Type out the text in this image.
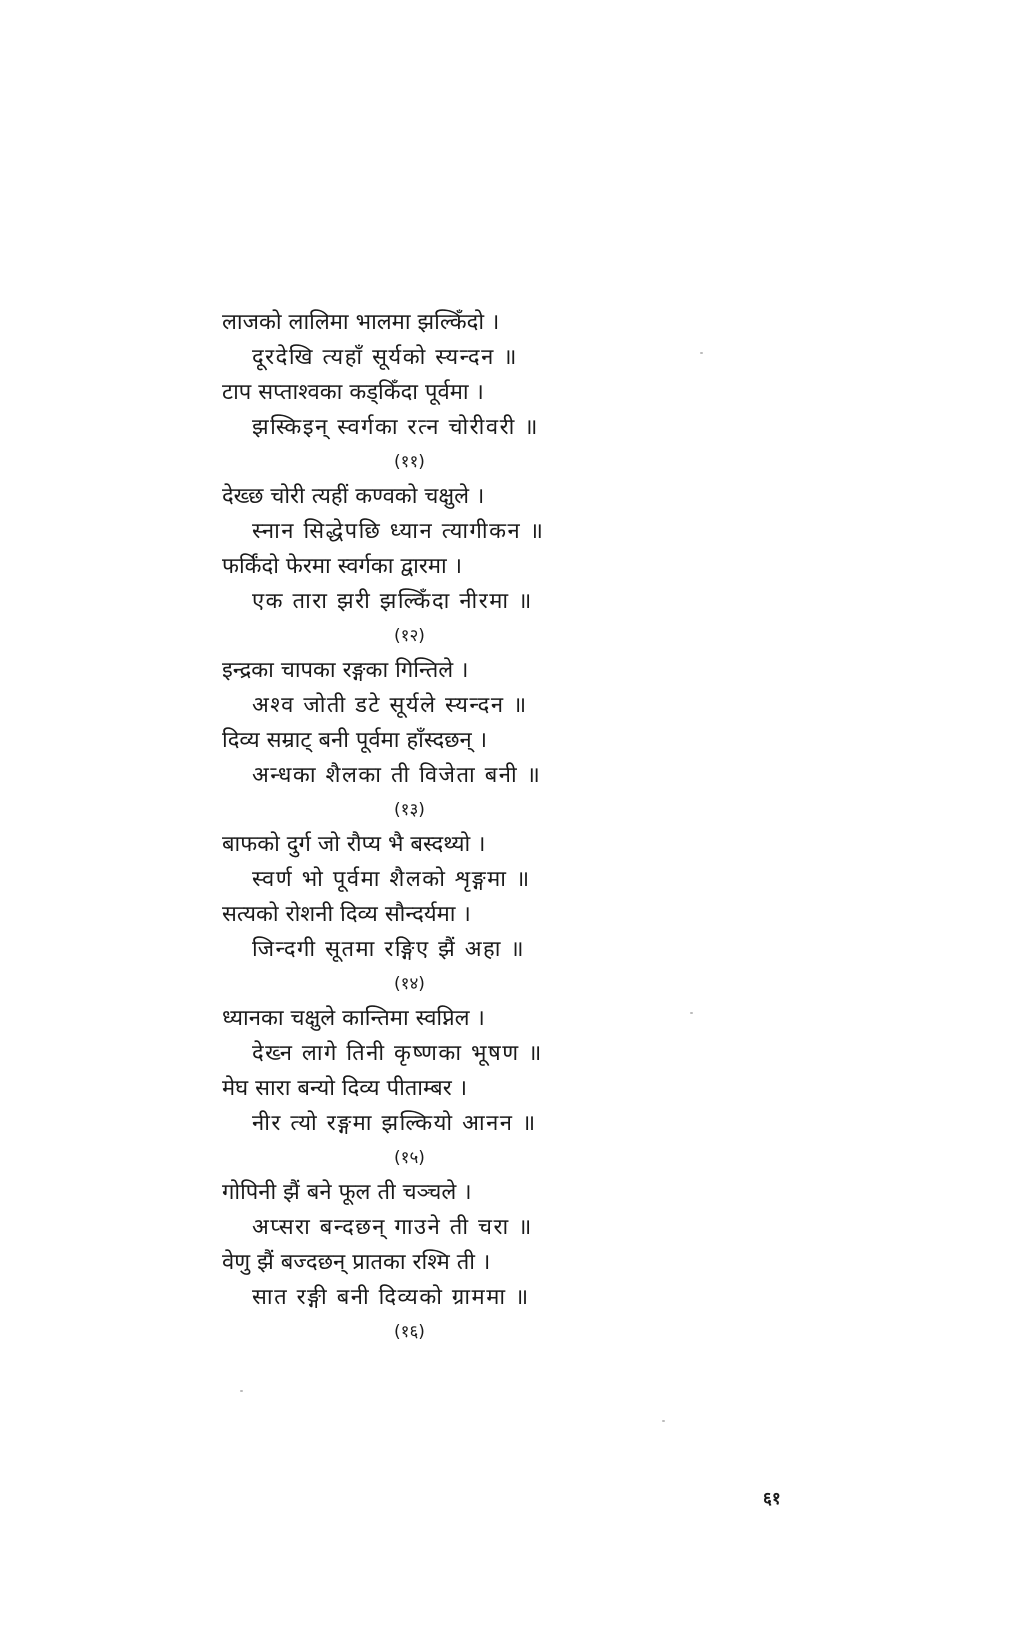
लाजको लालिमा भालमा झल्किँदो ।
दूरदेखि त्यहाँ सूर्यको स्यन्दन ॥
टाप सप्ताश्वका कड्किँदा पूर्वमा ।
झस्किइन् स्वर्गका रत्न चोरीवरी ॥
(११)
देख्छ चोरी त्यहीं कण्वको चक्षुले ।
स्नान सिद्धेपछि ध्यान त्यागीकन ॥
फर्किंदो फेरमा स्वर्गका द्वारमा ।
एक तारा झरी झल्किँदा नीरमा ॥
(१२)
इन्द्रका चापका रङ्गका गिन्तिले ।
अश्व जोती डटे सूर्यले स्यन्दन ॥
दिव्य सम्राट् बनी पूर्वमा हाँस्दछन् ।
अन्धका शैलका ती विजेता बनी ॥
(१३)
बाफको दुर्ग जो रौप्य भै बस्दथ्यो ।
स्वर्ण भो पूर्वमा शैलको शृङ्गमा ॥
सत्यको रोशनी दिव्य सौन्दर्यमा ।
जिन्दगी सूतमा रङ्गिए झैं अहा ॥
(१४)
ध्यानका चक्षुले कान्तिमा स्वप्निल ।
देख्न लागे तिनी कृष्णका भूषण ॥
मेघ सारा बन्यो दिव्य पीताम्बर ।
नीर त्यो रङ्गमा झल्कियो आनन ॥
(१५)
गोपिनी झैं बने फूल ती चञ्चले ।
अप्सरा बन्दछन् गाउने ती चरा ॥
वेणु झैं बज्दछन् प्रातका रश्मि ती ।
सात रङ्गी बनी दिव्यको ग्राममा ॥
(१६)
६१
